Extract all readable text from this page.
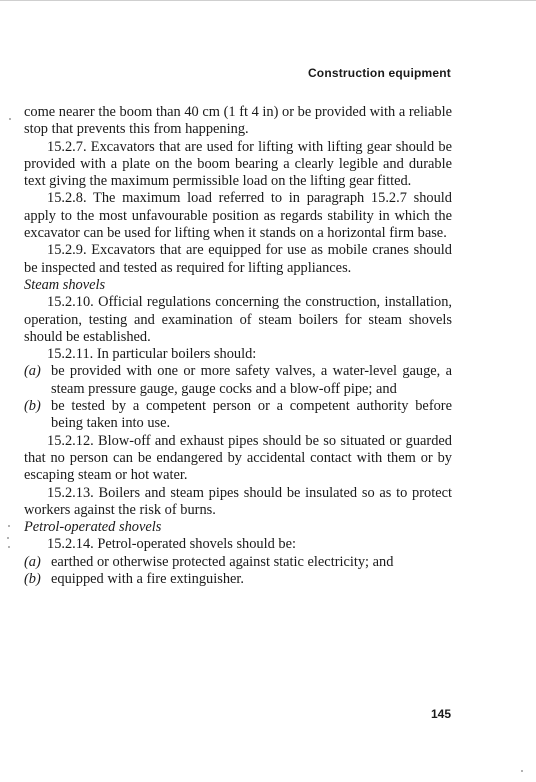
Construction equipment

come nearer the boom than 40 cm (1 ft 4 in) or be provided with a reliable stop that prevents this from happening.

15.2.7. Excavators that are used for lifting with lifting gear should be provided with a plate on the boom bearing a clearly legible and durable text giving the maximum permissible load on the lifting gear fitted.

15.2.8. The maximum load referred to in paragraph 15.2.7 should apply to the most unfavourable position as regards stability in which the excavator can be used for lifting when it stands on a horizontal firm base.

15.2.9. Excavators that are equipped for use as mobile cranes should be inspected and tested as required for lifting appliances.

Steam shovels

15.2.10. Official regulations concerning the construction, installation, operation, testing and examination of steam boilers for steam shovels should be established.

15.2.11. In particular boilers should:

(a) be provided with one or more safety valves, a water-level gauge, a steam pressure gauge, gauge cocks and a blow-off pipe; and
(b) be tested by a competent person or a competent authority before being taken into use.

15.2.12. Blow-off and exhaust pipes should be so situated or guarded that no person can be endangered by accidental contact with them or by escaping steam or hot water.

15.2.13. Boilers and steam pipes should be insulated so as to protect workers against the risk of burns.

Petrol-operated shovels

15.2.14. Petrol-operated shovels should be:

(a) earthed or otherwise protected against static electricity; and
(b) equipped with a fire extinguisher.
145
